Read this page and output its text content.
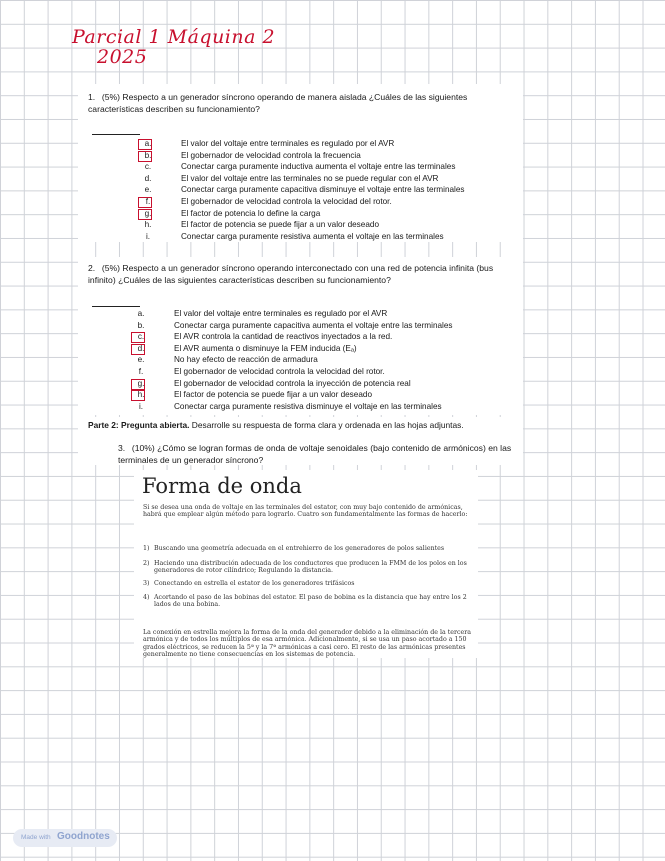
Parcial 1 Máquina 2
2025
1.  (5%) Respecto a un generador síncrono operando de manera aislada ¿Cuáles de las siguientes características describen su funcionamiento?
a.	El valor del voltaje entre terminales es regulado por el AVR
b.	El gobernador de velocidad controla la frecuencia
c.	Conectar carga puramente inductiva aumenta el voltaje entre las terminales
d.	El valor del voltaje entre las terminales no se puede regular con el AVR
e.	Conectar carga puramente capacitiva disminuye el voltaje entre las terminales
f.	El gobernador de velocidad controla la velocidad del rotor.
g.	El factor de potencia lo define la carga
h.	El factor de potencia se puede fijar a un valor deseado
i.	Conectar carga puramente resistiva aumenta el voltaje en las terminales
2.  (5%) Respecto a un generador síncrono operando interconectado con una red de potencia infinita (bus infinito) ¿Cuáles de las siguientes características describen su funcionamiento?
a.	El valor del voltaje entre terminales es regulado por el AVR
b.	Conectar carga puramente capacitiva aumenta el voltaje entre las terminales
c.	El AVR controla la cantidad de reactivos inyectados a la red.
d.	El AVR aumenta o disminuye la FEM inducida (Eₐ)
e.	No hay efecto de reacción de armadura
f.	El gobernador de velocidad controla la velocidad del rotor.
g.	El gobernador de velocidad controla la inyección de potencia real
h.	El factor de potencia se puede fijar a un valor deseado
i.	Conectar carga puramente resistiva disminuye el voltaje en las terminales
Parte 2: Pregunta abierta. Desarrolle su respuesta de forma clara y ordenada en las hojas adjuntas.
3.  (10%) ¿Cómo se logran formas de onda de voltaje senoidales (bajo contenido de armónicos) en las terminales de un generador síncrono?
Forma de onda

Si se desea una onda de voltaje en las terminales del estator, con muy bajo contenido de armónicas, habrá que emplear algún método para lograrlo. Cuatro son fundamentalmente las formas de hacerlo:

1) Buscando una geometría adecuada en el entrehierro de los generadores de polos salientes
2) Haciendo una distribución adecuada de los conductores que producen la FMM de los polos en los generadores de rotor cilíndrico; Regulando la distancia.
3) Conectando en estrella el estator de los generadores trifásicos
4) Acortando el paso de las bobinas del estator. El paso de bobina es la distancia que hay entre los 2 lados de una bobina.

La conexión en estrella mejora la forma de la onda del generador debido a la eliminación de la tercera armónica y de todos los múltiplos de esa armónica. Adicionalmente, si se usa un paso acortado a 150 grados eléctricos, se reducen la 5ª y la 7ª armónicas a casi cero. El resto de las armónicas presentes generalmente no tiene consecuencias en los sistemas de potencia.

Made with Goodnotes
